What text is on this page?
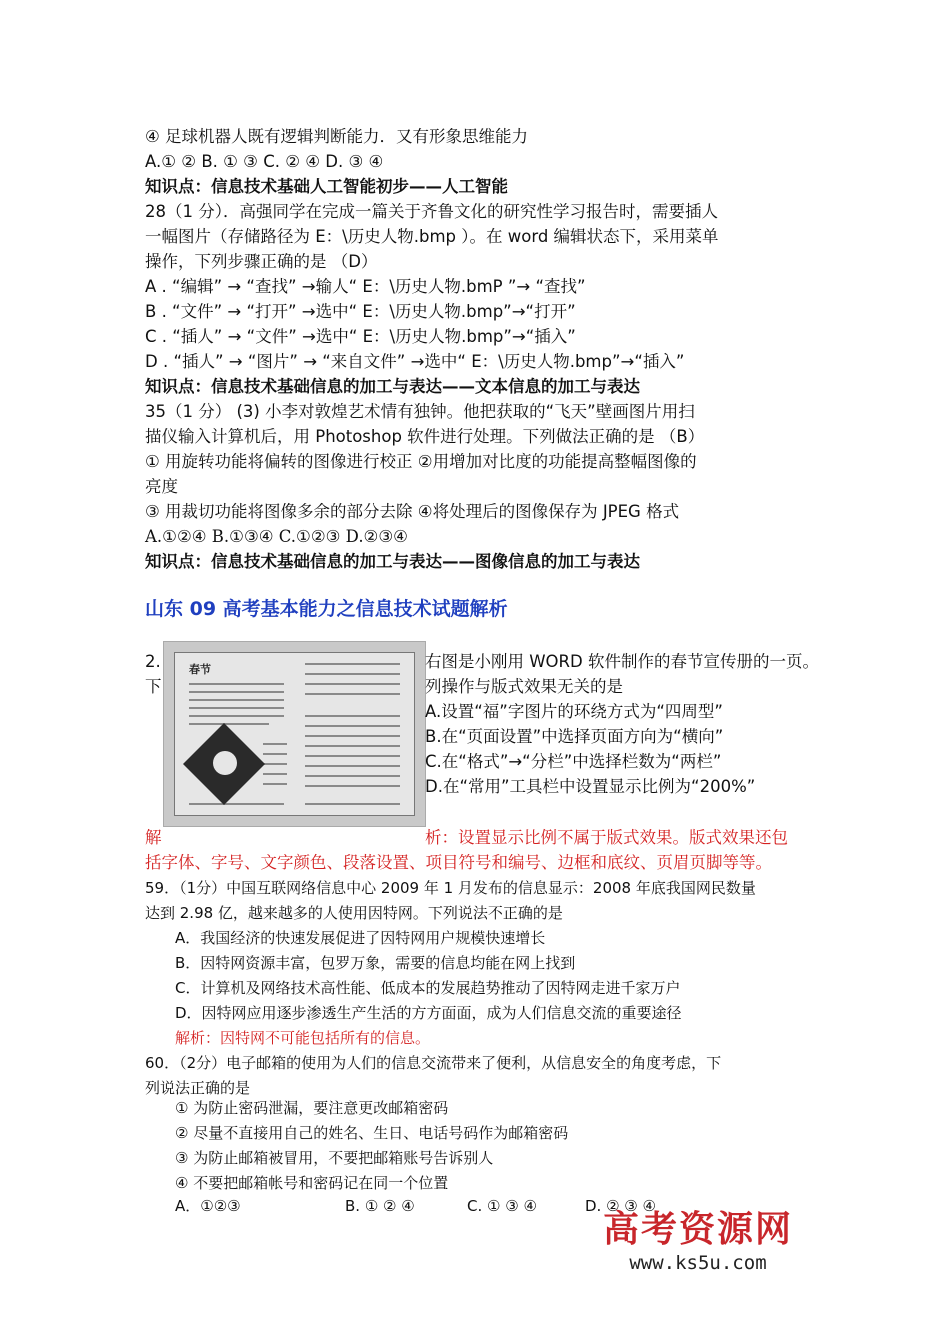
④ 足球机器人既有逻辑判断能力．又有形象思维能力
A.① ② B. ① ③ C. ② ④ D. ③ ④
知识点：信息技术基础人工智能初步——人工智能
28（1 分）．高强同学在完成一篇关于齐鲁文化的研究性学习报告时，需要插人
一幅图片（存储路径为 E：\历史人物.bmp ）。在 word 编辑状态下，采用菜单
操作，下列步骤正确的是 （D）
A . “编辑” → “查找” →输人“ E：\历史人物.bmP ”→ “查找”
B . “文件” → “打开” →选中“ E：\历史人物.bmp”→“打开”
C . “插人” → “文件” →选中“ E：\历史人物.bmp”→“插入”
D . “插人” → “图片” → “来自文件” →选中“ E：\历史人物.bmp”→“插入”
知识点：信息技术基础信息的加工与表达——文本信息的加工与表达
35（1 分） (3) 小李对敦煌艺术情有独钟。他把获取的“飞天”壁画图片用扫
描仪输入计算机后，用 Photoshop 软件进行处理。下列做法正确的是 （B）
① 用旋转功能将偏转的图像进行校正 ②用增加对比度的功能提高整幅图像的
亮度
③ 用裁切功能将图像多余的部分去除 ④将处理后的图像保存为 JPEG 格式
A.①②④ B.①③④ C.①②③ D.②③④
知识点：信息技术基础信息的加工与表达——图像信息的加工与表达
山东 09 高考基本能力之信息技术试题解析
2.
下
春节	右图是小刚用 WORD 软件制作的春节宣传册的一页。
列操作与版式效果无关的是
A.设置“福”字图片的环绕方式为“四周型”
B.在“页面设置”中选择页面方向为“横向”
C.在“格式”→“分栏”中选择栏数为“两栏”
D.在“常用”工具栏中设置显示比例为“200%”
解	析：设置显示比例不属于版式效果。版式效果还包
括字体、字号、文字颜色、段落设置、项目符号和编号、边框和底纹、页眉页脚等等。
59．（1分）中国互联网络信息中心 2009 年 1 月发布的信息显示：2008 年底我国网民数量
达到 2.98 亿，越来越多的人使用因特网。下列说法不正确的是
A．我国经济的快速发展促进了因特网用户规模快速增长
B．因特网资源丰富，包罗万象，需要的信息均能在网上找到
C．计算机及网络技术高性能、低成本的发展趋势推动了因特网走进千家万户
D．因特网应用逐步渗透生产生活的方方面面，成为人们信息交流的重要途径
解析：因特网不可能包括所有的信息。
60．（2分）电子邮箱的使用为人们的信息交流带来了便利，从信息安全的角度考虑，下
列说法正确的是
① 为防止密码泄漏，要注意更改邮箱密码
② 尽量不直接用自己的姓名、生日、电话号码作为邮箱密码
③ 为防止邮箱被冒用，不要把邮箱账号告诉别人
④ 不要把邮箱帐号和密码记在同一个位置
A．①②③	B. ① ② ④	C. ① ③ ④	D. ② ③ ④
高考资源网
www.ks5u.com
